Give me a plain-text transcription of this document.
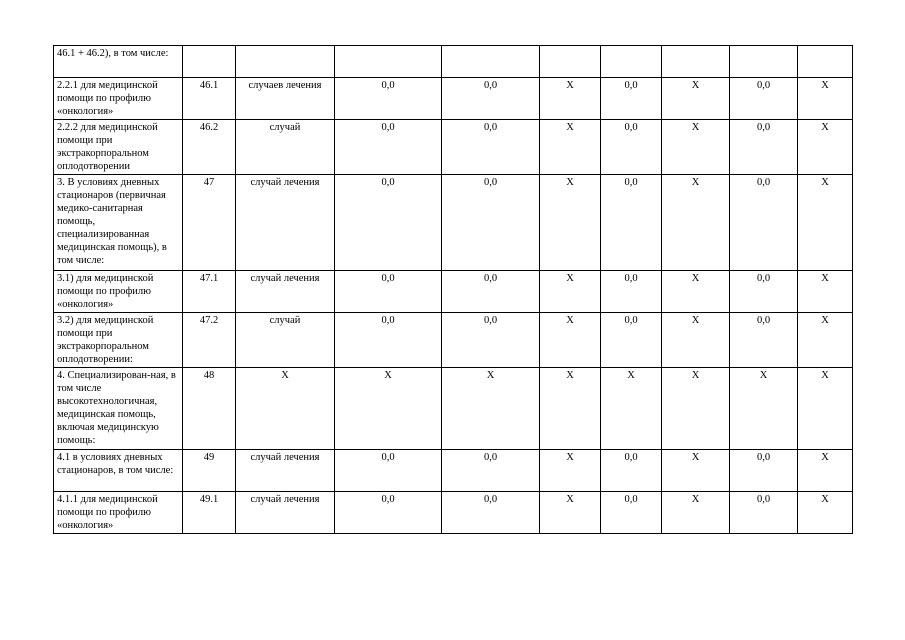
46.1 + 46.2), в том числе:									
2.2.1 для медицинской помощи по профилю «онкология»	46.1	случаев лечения	0,0	0,0	X	0,0	X	0,0	X
2.2.2 для медицинской помощи при экстракорпоральном оплодотворении	46.2	случай	0,0	0,0	X	0,0	X	0,0	X
3. В условиях дневных стационаров (первичная медико-санитарная помощь, специализированная медицинская помощь), в том числе:	47	случай лечения	0,0	0,0	X	0,0	X	0,0	X
3.1) для медицинской помощи по профилю «онкология»	47.1	случай лечения	0,0	0,0	X	0,0	X	0,0	X
3.2) для медицинской помощи при экстракорпоральном оплодотворении:	47.2	случай	0,0	0,0	X	0,0	X	0,0	X
4. Специализирован-ная, в том числе высокотехнологичная, медицинская помощь, включая медицинскую помощь:	48	X	X	X	X	X	X	X	X
4.1 в условиях дневных стационаров, в том числе:	49	случай лечения	0,0	0,0	X	0,0	X	0,0	X
4.1.1 для медицинской помощи по профилю «онкология»	49.1	случай лечения	0,0	0,0	X	0,0	X	0,0	X
